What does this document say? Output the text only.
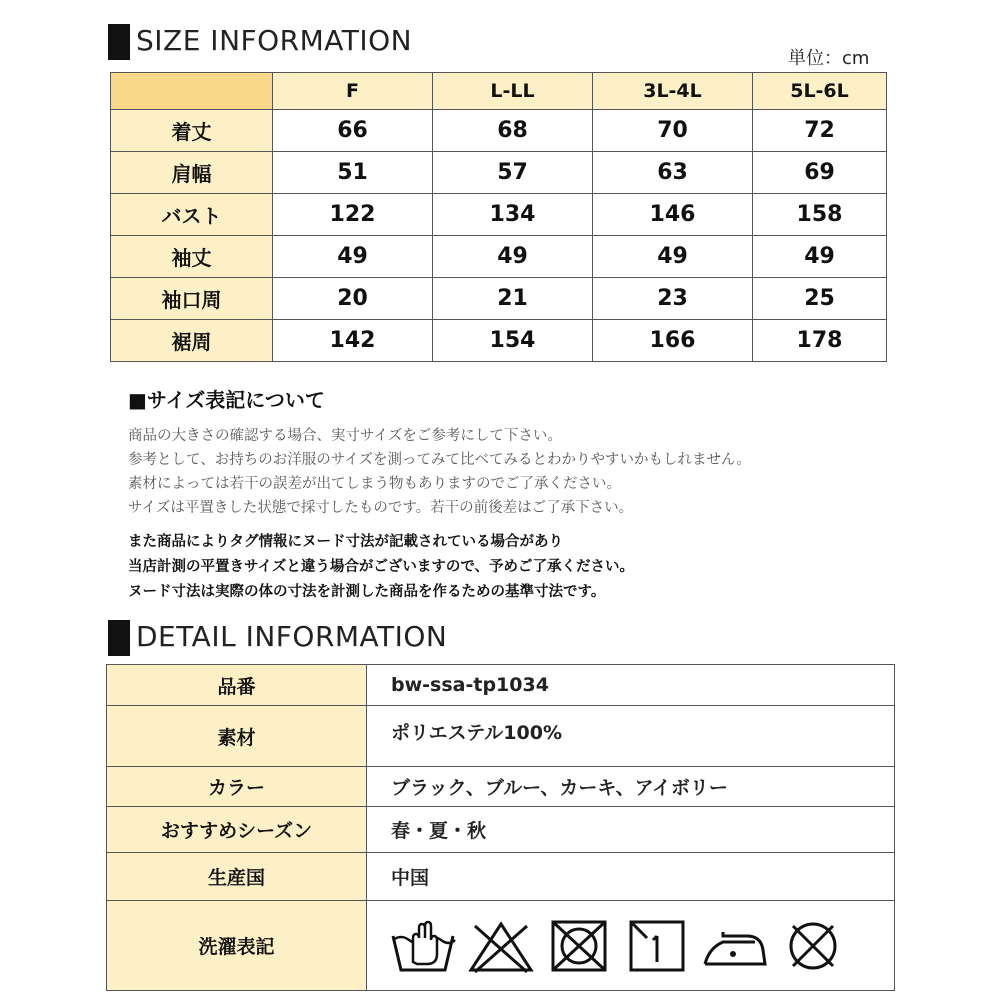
SIZE INFORMATION
単位：cm
	F	L-LL	3L-4L	5L-6L
着丈	66	68	70	72
肩幅	51	57	63	69
バスト	122	134	146	158
袖丈	49	49	49	49
袖口周	20	21	23	25
裾周	142	154	166	178
■サイズ表記について
商品の大きさの確認する場合、実寸サイズをご参考にして下さい。
参考として、お持ちのお洋服のサイズを測ってみて比べてみるとわかりやすいかもしれません。
素材によっては若干の誤差が出てしまう物もありますのでご了承ください。
サイズは平置きした状態で採寸したものです。若干の前後差はご了承下さい。
また商品によりタグ情報にヌード寸法が記載されている場合があり
当店計測の平置きサイズと違う場合がございますので、予めご了承ください。
ヌード寸法は実際の体の寸法を計測した商品を作るための基準寸法です。
DETAIL INFORMATION
品番	bw-ssa-tp1034
素材	ポリエステル100%
カラー	ブラック、ブルー、カーキ、アイボリー
おすすめシーズン	春・夏・秋
生産国	中国
洗濯表記	
